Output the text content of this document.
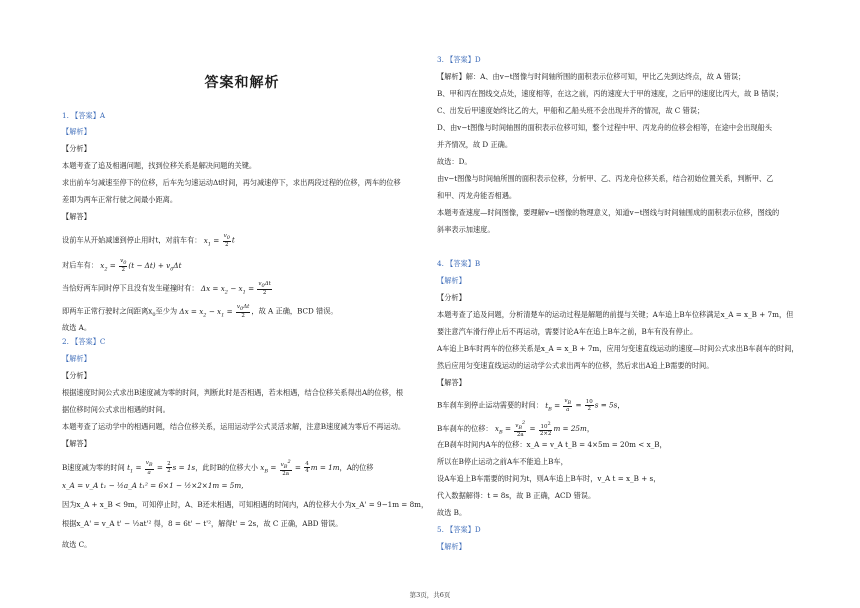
答案和解析
1. 【答案】A
【解析】
【分析】
本题考查了追及相遇问题，找到位移关系是解决问题的关键。
求出前车匀减速至停下的位移，后车先匀速运动Δt时间，再匀减速停下，求出两段过程的位移，两车的位移
差即为两车正常行驶之间最小距离。
【解答】
设前车从开始减速到停止用时t，对前车有： $x_1 = \frac{v_0}{2}$ t
对后车有： $x_2 = \frac{v_0}{2} (t - \Delta t) + v_0\Delta t$
当恰好两车同时停下且没有发生碰撞时有： $\Delta x = x_2 - x_1 = \frac{v_0\Delta t}{2}$
即两车正常行驶时之间距离$x_0$至少为 $\Delta x = x_2 - x_1 = \frac{v_0\Delta t}{2}$ ，故 A 正确，BCD 错误。
故选 A。
2. 【答案】C
【解析】
【分析】
根据速度时间公式求出B速度减为零的时间，判断此时是否相遇，若未相遇，结合位移关系得出A的位移，根
据位移时间公式求出相遇的时间。
本题考查了运动学中的相遇问题，结合位移关系，运用运动学公式灵活求解，注意B速度减为零后不再运动。
【解答】
B速度减为零的时间 $t_1 = \frac{v_B}{a} = \frac{2}{2}$ s = 1s，此时B的位移大小 $x_B = \frac{v_B^2}{2a} = \frac{4}{4}$ m = 1m，A的位移
x_A = v_A t₁ − ½a_A t₁² = 6×1 − ½×2×1m = 5m,
因为x_A + x_B < 9m，可知停止时，A、B还未相遇，可知相遇的时间内，A的位移大小为x_A' = 9−1m = 8m，
根据x_A' = v_A t' − ½at'² 得，8 = 6t' − t'²，解得t' = 2s，故 C 正确，ABD 错误。
故选 C。
3. 【答案】D
【解析】解：A、由v−t图像与时间轴所围的面积表示位移可知，甲比乙先到达终点，故 A 错误；
B、甲和丙在图线交点处，速度相等，在这之前，丙的速度大于甲的速度，之后甲的速度比丙大，故 B 错误；
C、出发后甲速度始终比乙的大，甲船和乙船头班不会出现并齐的情况，故 C 错误；
D、由v−t图像与时间轴围的面积表示位移可知，整个过程中甲、丙龙舟的位移会相等，在途中会出现船头
并齐情况，故 D 正确。
故选：D。
由v−t图像与时间轴所围的面积表示位移，分析甲、乙、丙龙舟位移关系，结合初始位置关系，判断甲、乙
和甲、丙龙舟能否相遇。
本题考查速度—时间图像，要理解v−t图像的物理意义，知道v−t图线与时间轴围成的面积表示位移，图线的
斜率表示加速度。
4. 【答案】B
【解析】
【分析】
本题考查了追及问题，分析清楚车的运动过程是解题的前提与关键；A车追上B车位移满足x_A = x_B + 7m，但
要注意汽车滑行停止后不再运动，需要讨论A车在追上B车之前，B车有没有停止。
A车追上B车时两车的位移关系是x_A = x_B + 7m，应用匀变速直线运动的速度—时间公式求出B车刹车的时间，
然后应用匀变速直线运动的运动学公式求出两车的位移，然后求出A追上B需要的时间。
【解答】
B车刹车到停止运动需要的时间： $t_B = \frac{v_B}{a} = \frac{10}{2}$ s = 5s，
B车刹车的位移： $x_B = \frac{v_B^2}{2a} = \frac{10^2}{2\times 2}$ m = 25m，
在B刹车时间内A车的位移：x_A = v_A t_B = 4×5m = 20m < x_B，
所以在B停止运动之前A车不能追上B车，
设A车追上B车需要的时间为t，则A车追上B车时，v_A t = x_B + s，
代入数据解得：t = 8s，故 B 正确，ACD 错误。
故选 B。
5. 【答案】D
【解析】
第3页，共6页
